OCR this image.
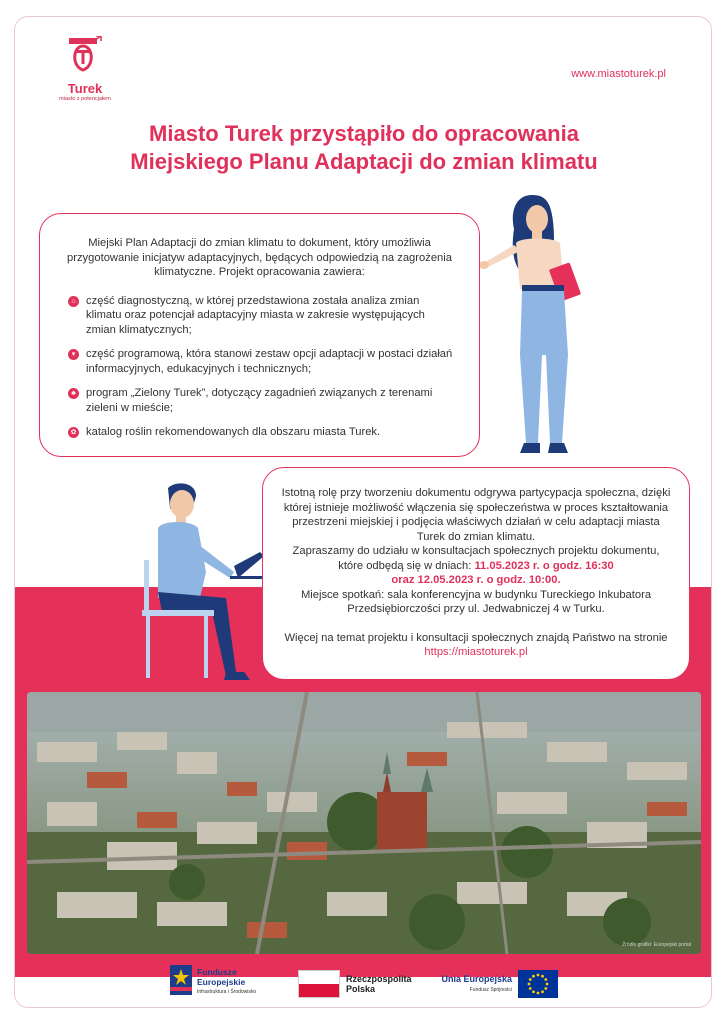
Turek
miasto z potencjałem
www.miastoturek.pl
Miasto Turek przystąpiło do opracowania
Miejskiego Planu Adaptacji do zmian klimatu

Miejski Plan Adaptacji do zmian klimatu to dokument, który umożliwia przygotowanie inicjatyw adaptacyjnych, będących odpowiedzią na zagrożenia klimatyczne. Projekt opracowania zawiera:

⌂ część diagnostyczną, w której przedstawiona została analiza zmian klimatu oraz potencjał adaptacyjny miasta w zakresie występujących zmian klimatycznych;
▾ część programową, która stanowi zestaw opcji adaptacji w postaci działań informacyjnych, edukacyjnych i technicznych;
♣ program „Zielony Turek”, dotyczący zagadnień związanych z terenami zieleni w mieście;
✿ katalog roślin rekomendowanych dla obszaru miasta Turek.

Istotną rolę przy tworzeniu dokumentu odgrywa partycypacja społeczna, dzięki której istnieje możliwość włączenia się społeczeństwa w proces kształtowania przestrzeni miejskiej i podjęcia właściwych działań w celu adaptacji miasta Turek do zmian klimatu.

Zapraszamy do udziału w konsultacjach społecznych projektu dokumentu, które odbędą się w dniach: 11.05.2023 r. o godz. 16:30
oraz 12.05.2023 r. o godz. 10:00.

Miejsce spotkań: sala konferencyjna w budynku Tureckiego Inkubatora Przedsiębiorczości przy ul. Jedwabniczej 4 w Turku.

Więcej na temat projektu i konsultacji społecznych znajdą Państwo na stronie https://miastoturek.pl

Źródło grafiki: Europejski portal
Fundusze
Europejskie
Infrastruktura i Środowisko
Rzeczpospolita
Polska
Unia Europejska
Fundusz Spójności
